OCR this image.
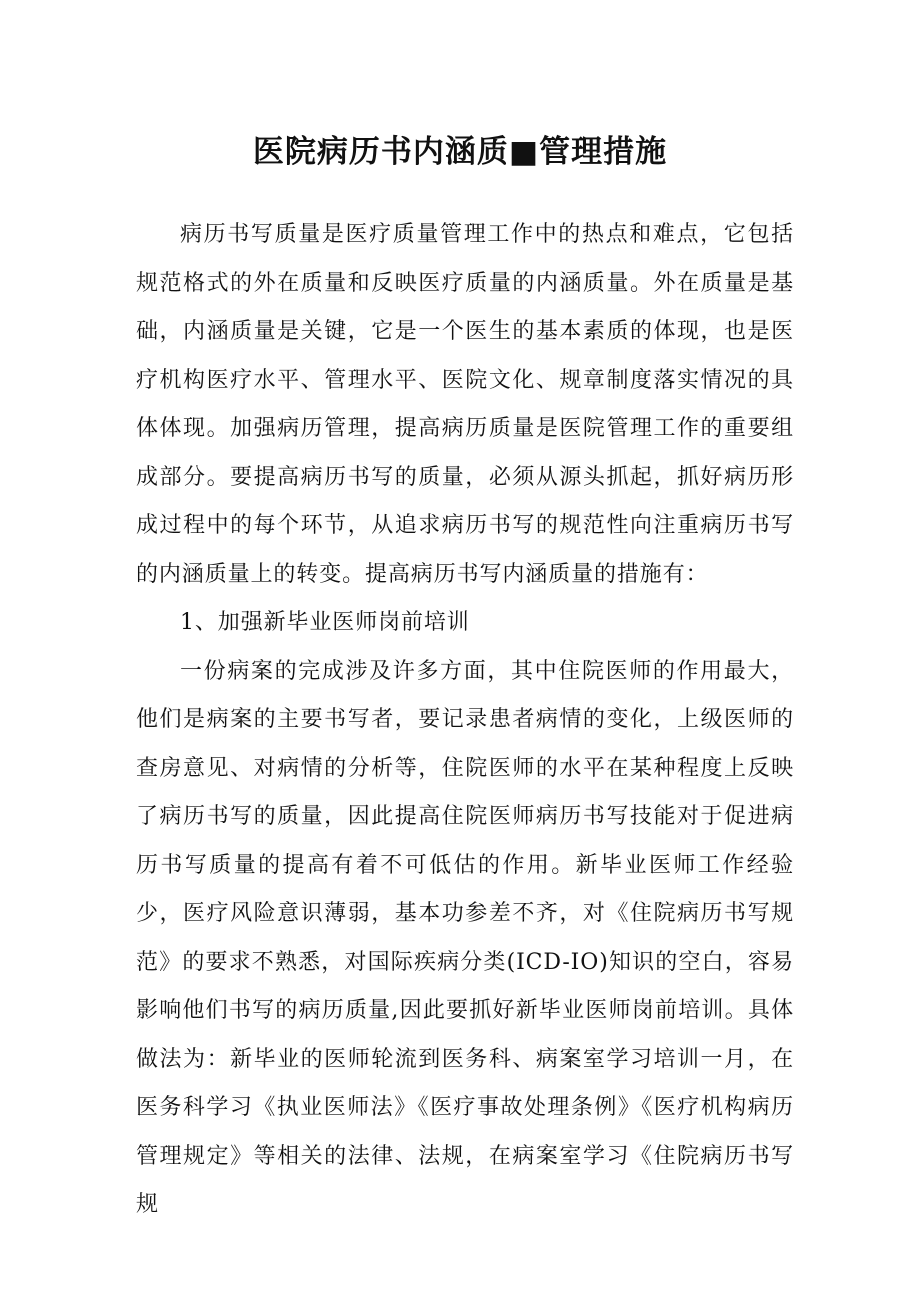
医院病历书内涵质■管理措施

病历书写质量是医疗质量管理工作中的热点和难点，它包括规范格式的外在质量和反映医疗质量的内涵质量。外在质量是基础，内涵质量是关键，它是一个医生的基本素质的体现，也是医疗机构医疗水平、管理水平、医院文化、规章制度落实情况的具体体现。加强病历管理，提高病历质量是医院管理工作的重要组成部分。要提高病历书写的质量，必须从源头抓起，抓好病历形成过程中的每个环节，从追求病历书写的规范性向注重病历书写的内涵质量上的转变。提高病历书写内涵质量的措施有：

1、加强新毕业医师岗前培训

一份病案的完成涉及许多方面，其中住院医师的作用最大，他们是病案的主要书写者，要记录患者病情的变化，上级医师的查房意见、对病情的分析等，住院医师的水平在某种程度上反映了病历书写的质量，因此提高住院医师病历书写技能对于促进病历书写质量的提高有着不可低估的作用。新毕业医师工作经验少，医疗风险意识薄弱，基本功参差不齐，对《住院病历书写规范》的要求不熟悉，对国际疾病分类(ICD-IO)知识的空白，容易影响他们书写的病历质量,因此要抓好新毕业医师岗前培训。具体做法为：新毕业的医师轮流到医务科、病案室学习培训一月，在医务科学习《执业医师法》《医疗事故处理条例》《医疗机构病历管理规定》等相关的法律、法规，在病案室学习《住院病历书写规
